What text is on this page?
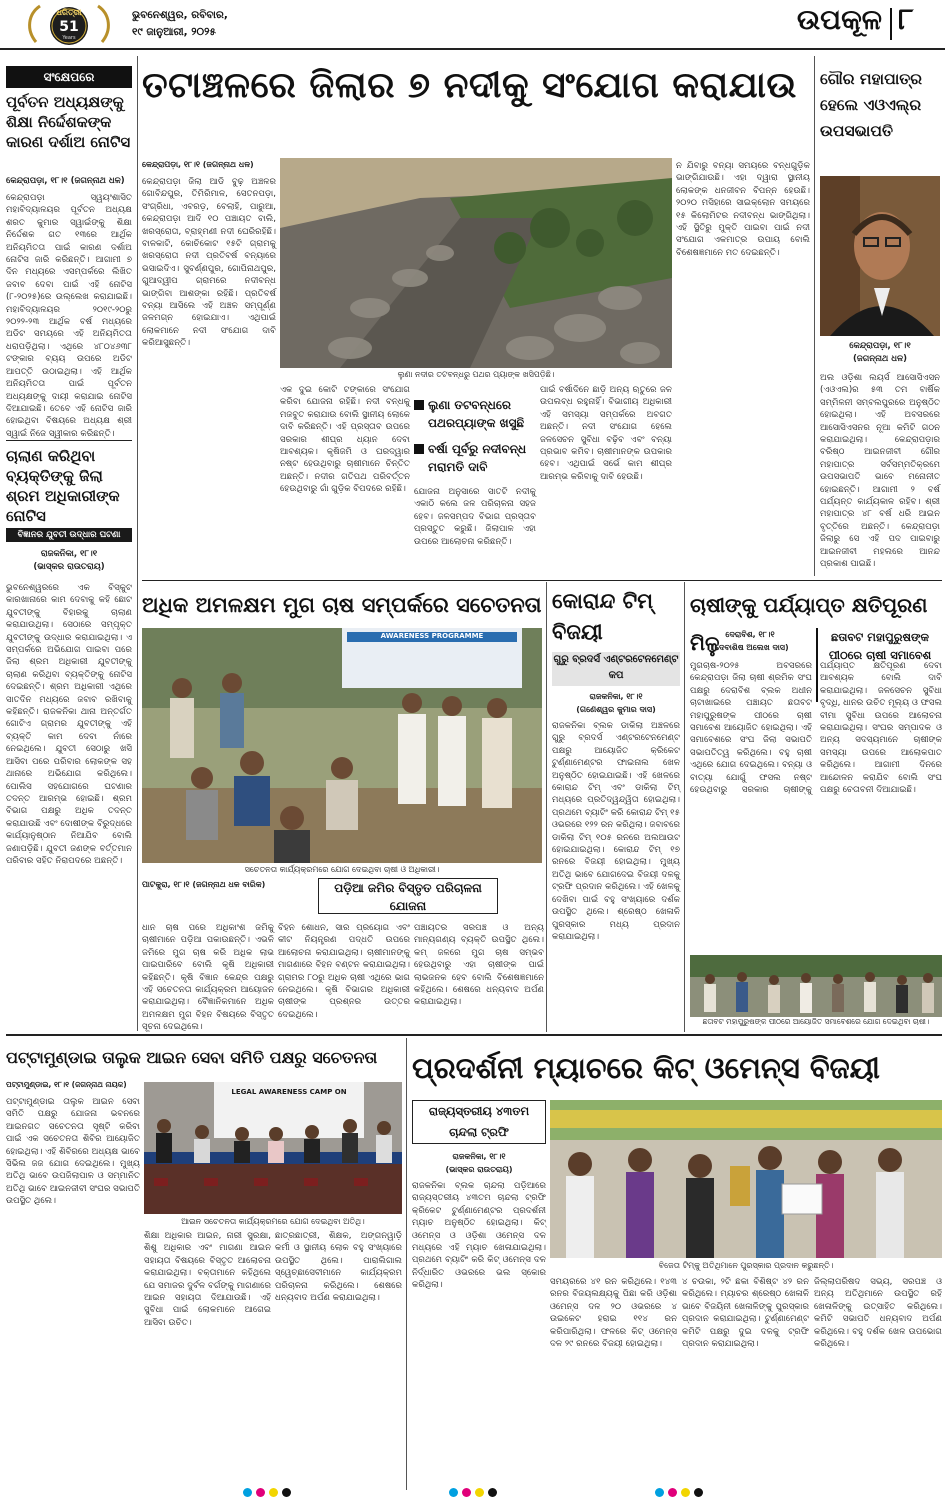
ଧରିତ୍ରୀ
51
Years
ଭୁବନେଶ୍ୱର, ରବିବାର,
୧୯ ଜାନୁଆରୀ, ୨୦୨୫	ଉପକୂଳ ୮
ସଂକ୍ଷେପରେ
ପୂର୍ବତନ ଅଧ୍ୟକ୍ଷଙ୍କୁ ଶିକ୍ଷା ନିର୍ଦ୍ଦେଶକଙ୍କ କାରଣ ଦର୍ଶାଅ ନୋଟିସ
କେନ୍ଦ୍ରାପଡ଼ା, ୧୮।୧ (ଜଗନ୍ନାଥ ଧଳ)
କେନ୍ଦ୍ରାପଡ଼ା ସ୍ୱୟଂଶାସିତ ମହାବିଦ୍ୟାଳୟର ପୂର୍ବତନ ଅଧ୍ୟକ୍ଷ ଶରତ କୁମାର ସ୍ୱାଇଁଙ୍କୁ ଶିକ୍ଷା ନିର୍ଦ୍ଦେଶକ ଗତ ୧୩ରେ ଆର୍ଥିକ ଅନିୟମିତତା ପାଇଁ କାରଣ ଦର୍ଶାଅ ନୋଟିସ ଜାରି କରିଛନ୍ତି। ଆଗାମୀ ୭ ଦିନ ମଧ୍ୟରେ ଏସମ୍ପର୍କରେ ଲିଖିତ ଜବାବ ଦେବା ପାଇଁ ଏହି ନୋଟିସ (୮-୨୦୨୫)ରେ ଉଲ୍ଲେଖ କରାଯାଇଛି। ମହାବିଦ୍ୟାଳୟର ୨୦୧୯-୨୦ରୁ ୨୦୨୨-୨୩ ଆର୍ଥିକ ବର୍ଷ ମଧ୍ୟରେ ଅଡିଟ ସମୟରେ ଏହି ଅନିୟମିତତା ଧରାପଡ଼ିଥିଲା। ଏଥିରେ ୪୮୦୪୬୩୮ ଟଙ୍କାର ବ୍ୟୟ ଉପରେ ଅଡିଟ ଆପତ୍ତି ଉଠାଇଥିଲା। ଏହି ଆର୍ଥିକ ଅନିୟମିତତା ପାଇଁ ପୂର୍ବତନ ଅଧ୍ୟକ୍ଷଙ୍କୁ ଦାୟୀ କରାଯାଇ ନୋଟିସ ଦିଆଯାଇଛି। ତେବେ ଏହି ନୋଟିସ ଜାରି ହୋଇଥିବା ବିଷୟରେ ଅଧ୍ୟକ୍ଷ ଶ୍ରୀ ସ୍ୱାଇଁ ନିଜେ ସ୍ୱୀକାର କରିଛନ୍ତି।
ଚାଲାଣ କରିଥିବା ବ୍ୟକ୍ତିଙ୍କୁ ଜିଲା ଶ୍ରମ ଅଧିକାରୀଙ୍କ ନୋଟିସ
ବିଜ୍ଞାନର ଯୁବତୀ ଉଦ୍ଧାର ଘଟଣା
ରାଜକନିକା, ୧୮।୧
(ଭାସ୍କର ରାଉତରାୟ)
ଭୁବନେଶ୍ୱରରେ ଏକ ବିସ୍କୁଟ କାରଖାନାରେ କାମ ଦେବାକୁ କହି ଛୋଟ ଯୁବତୀଙ୍କୁ ବିହାରକୁ ଚାଲାଣ କରାଯାଉଥିଲା। ସେଠାରେ ସମ୍ପୃକ୍ତ ଯୁବତୀଙ୍କୁ ଉଦ୍ଧାର କରାଯାଇଥିଲା। ଏ ସମ୍ପର୍କରେ ଅଭିଯୋଗ ପାଇବା ପରେ ଜିଲା ଶ୍ରମ ଅଧିକାରୀ ଯୁବତୀଙ୍କୁ ଚାଲାଣ କରିଥିବା ବ୍ୟକ୍ତିଙ୍କୁ ନୋଟିସ ଦେଇଛନ୍ତି। ଶ୍ରମ ଅଧିକାରୀ ଏଥିରେ ସାତଦିନ ମଧ୍ୟରେ ଜବାବ ରଖିବାକୁ କହିଛନ୍ତି। ରାଜକନିକା ଥାନା ଅନ୍ତର୍ଗତ ଗୋଟିଏ ଗ୍ରାମର ଯୁବତୀଙ୍କୁ ଏହି ବ୍ୟକ୍ତି କାମ ଦେବା ନାଁରେ ନେଇଥିଲେ। ଯୁବତୀ ସେଠାରୁ ଖସି ଆସିବା ପରେ ପରିବାର ଲୋକଙ୍କ ସହ ଥାନାରେ ଅଭିଯୋଗ କରିଥିଲେ। ପୋଲିସ ସହଯୋଗରେ ଘଟଣାର ତଦନ୍ତ ଆରମ୍ଭ ହୋଇଛି। ଶ୍ରମ ବିଭାଗ ପକ୍ଷରୁ ଅଧିକ ତଦନ୍ତ କରାଯାଉଛି ଏବଂ ଦୋଷୀଙ୍କ ବିରୁଦ୍ଧରେ କାର୍ଯ୍ୟାନୁଷ୍ଠାନ ନିଆଯିବ ବୋଲି ଜଣାପଡ଼ିଛି। ଯୁବତୀ ଜଣଙ୍କ ବର୍ତ୍ତମାନ ପରିବାର ସହିତ ନିରାପଦରେ ଅଛନ୍ତି।
ତଟାଞ୍ଚଳରେ ଜିଲାର ୭ ନଦୀକୁ ସଂଯୋଗ କରାଯାଉ
କେନ୍ଦ୍ରାପଡ଼ା, ୧୮।୧ (ଜଗନ୍ନାଥ ଧଳ)
କେନ୍ଦ୍ରାପଡ଼ା ଜିଲା ଆଡି ବୁଢ଼ ଅଞ୍ଚଳର ଗୋବିନ୍ଦପୁର, ତିମିରିମାଳ, ସେତନପଡ଼ା, ସଂଗ୍ରିଧା, ଏବରଡ଼, ବେଲାହି, ପାରୁଆ, କେନ୍ଦ୍ରାପଡ଼ା ଆଦି ୧୦ ପଞ୍ଚାୟତ ବାଲି, ଖରସ୍ରୋତା, ବ୍ରାହ୍ମଣୀ ନଦୀ ଘେରିରହିଛି। ବାଳକାଟି, କୋଚିକୋଟ ୧୫ଟି ଗ୍ରାମକୁ ଖରସ୍ରୋତା ନଦୀ ପ୍ରତିବର୍ଷ ବନ୍ୟାରେ ଭସାଇଦିଏ। ସୁବର୍ଣ୍ଣପୁର, ଗୋପିନାଥପୁର, ଗୁଆଦ୍ୱୀପ ଗ୍ରାମରେ ନଦୀବନ୍ଧ ଭାଙ୍ଗିବା ଆଶଙ୍କା ରହିଛି। ପ୍ରତିବର୍ଷ ବନ୍ୟା ଆସିଲେ ଏହି ଅଞ୍ଚଳ ସମ୍ପୂର୍ଣ୍ଣ ଜଳମଗ୍ନ ହୋଇଯାଏ। ଏଥିପାଇଁ ଲୋକମାନେ ନଦୀ ସଂଯୋଗ ଦାବି କରିଆସୁଛନ୍ତି।
ଲୁଣା ନଦୀର ତଟବନ୍ଧରୁ ପଥର ପ୍ୟାଙ୍କ ଖସିପଡ଼ିଛି।
ଏକ ଦୁଇ କୋଟି ଟଙ୍କାରେ ସଂଯୋଗ କରିବା ଯୋଜନା ରହିଛି। ନଦୀ ବନ୍ଧକୁ ମଜବୁତ କରାଯାଉ ବୋଲି ସ୍ଥାନୀୟ ଲୋକେ ଦାବି କରିଛନ୍ତି। ଏହି ପ୍ରସ୍ତାବ ଉପରେ ସରକାର ଶୀଘ୍ର ଧ୍ୟାନ ଦେବା ଆବଶ୍ୟକ। କୃଷିଜମି ଓ ଘରଦ୍ୱାର ନଷ୍ଟ ହେଉଥିବାରୁ ଚାଷୀମାନେ ଚିନ୍ତିତ ଅଛନ୍ତି। ନଦୀର ଗତିପଥ ପରିବର୍ତ୍ତନ ହେଉଥିବାରୁ ଗାଁ ଗୁଡ଼ିକ ବିପଦରେ ରହିଛି।
ଲୁଣା ତଟବନ୍ଧରେ ପଥରପ୍ୟାଙ୍କ ଖସୁଛି
ବର୍ଷା ପୂର୍ବରୁ ନଦୀବନ୍ଧ ମରାମତି ଦାବି
ଯୋଜନା ଅନୁସାରେ ସାତଟି ନଦୀକୁ ଏକାଠି କଲେ ଜଳ ପରିଚାଳନା ସହଜ ହେବ। ଜଳସମ୍ପଦ ବିଭାଗ ପ୍ରସ୍ତାବ ପ୍ରସ୍ତୁତ କରୁଛି। ଜିଲାପାଳ ଏହା ଉପରେ ଆଲୋଚନା କରିଛନ୍ତି।
ପାଇଁ ବର୍ଷାଦିନେ ଛାଡ଼ି ଅନ୍ୟ ଋତୁରେ ଜଳ ଉପଲବ୍ଧ ରହୁନାହିଁ। ବିଭାଗୀୟ ଅଧିକାରୀ ଏହି ସମସ୍ୟା ସମ୍ପର୍କରେ ଅବଗତ ଅଛନ୍ତି। ନଦୀ ସଂଯୋଗ ହେଲେ ଜଳସେଚନ ସୁବିଧା ବଢ଼ିବ ଏବଂ ବନ୍ୟା ପ୍ରଭାବ କମିବ। ଚାଷୀମାନଙ୍କ ଉପକାର ହେବ। ଏଥିପାଇଁ ସର୍ଭେ କାମ ଶୀଘ୍ର ଆରମ୍ଭ କରିବାକୁ ଦାବି ହେଉଛି।
ନ ଯିବାରୁ ବନ୍ୟା ସମୟରେ ବନ୍ଧଗୁଡ଼ିକ ଭାଙ୍ଗିଯାଉଛି। ଏହା ଦ୍ୱାରା ସ୍ଥାନୀୟ ଲୋକଙ୍କ ଧନଜୀବନ ବିପନ୍ନ ହେଉଛି। ୨୦୨୦ ମସିହାରେ ସାଇକ୍ଲୋନ ସମୟରେ ୧୫ କିଲୋମିଟର ନଦୀବନ୍ଧ ଭାଙ୍ଗିଥିଲା। ଏହି ସ୍ଥିତିରୁ ମୁକ୍ତି ପାଇବା ପାଇଁ ନଦୀ ସଂଯୋଗ ଏକମାତ୍ର ଉପାୟ ବୋଲି ବିଶେଷଜ୍ଞମାନେ ମତ ଦେଇଛନ୍ତି।
ଗୌର ମହାପାତ୍ର ହେଲେ ଏଓଏଲ୍‌ର ଉପସଭାପତି
କେନ୍ଦ୍ରାପଡ଼ା, ୧୮।୧
(ଜଗନ୍ନାଥ ଧଳ)
ଅଲ ଓଡ଼ିଶା ଲୟର୍ସ ଆସୋସିଏସନ (ଏଓଏଲ)ର ୫୩ ତମ ବାର୍ଷିକ ସମ୍ମିଳନୀ ସମ୍ବଲପୁରରେ ଅନୁଷ୍ଠିତ ହୋଇଥିଲା। ଏହି ଅବସରରେ ଆସୋସିଏସନର ନୂଆ କମିଟି ଗଠନ କରାଯାଇଥିଲା। କେନ୍ଦ୍ରାପଡ଼ାର ବରିଷ୍ଠ ଆଇନଜୀବୀ ଗୌର ମହାପାତ୍ର ସର୍ବସମ୍ମତିକ୍ରମେ ଉପସଭାପତି ଭାବେ ମନୋନୀତ ହୋଇଛନ୍ତି। ଆଗାମୀ ୨ ବର୍ଷ ପର୍ଯ୍ୟନ୍ତ କାର୍ଯ୍ୟକାଳ ରହିବ। ଶ୍ରୀ ମହାପାତ୍ର ୪୮ ବର୍ଷ ଧରି ଆଇନ ବୃତ୍ତିରେ ଅଛନ୍ତି। କେନ୍ଦ୍ରାପଡ଼ା ଜିଲାରୁ ସେ ଏହି ପଦ ପାଇବାରୁ ଆଇନଜୀବୀ ମହଲରେ ଆନନ୍ଦ ପ୍ରକାଶ ପାଇଛି।
ଅଧିକ ଅମଳକ୍ଷମ ମୁଗ ଚାଷ ସମ୍ପର୍କରେ ସଚେତନତା
AWARENESS PROGRAMME
ସଚେତନତା କାର୍ଯ୍ୟକ୍ରମରେ ଯୋଗ ଦେଇଥିବା ଚାଷୀ ଓ ଅଧିକାରୀ।
ପାଟକୁରା, ୧୮।୧ (ଜଗନ୍ନାଥ ଧଳ ବାରିକ)	ପଡ଼ିଆ ଜମିର ବିସ୍ତୃତ ପରିଚାଳନା ଯୋଜନା
ଧାନ ଚାଷ ପରେ ଅଧିକାଂଶ ଜମିକୁ ଚାଷୀମାନେ ପଡ଼ିଆ ପକାଉଛନ୍ତି। ଏଭଳି ଜମିରେ ମୁଗ ଚାଷ କରି ଅଧିକ ଲାଭ ପାଇପାରିବେ ବୋଲି କୃଷି ଅଧିକାରୀ କହିଛନ୍ତି। କୃଷି ବିଜ୍ଞାନ କେନ୍ଦ୍ର ପକ୍ଷରୁ ଏହି ସଚେତନତା କାର୍ଯ୍ୟକ୍ରମ ଆୟୋଜନ କରାଯାଇଥିଲା। ବୈଜ୍ଞାନିକମାନେ ଅଧିକ ଅମଳକ୍ଷମ ମୁଗ ବିହନ ବିଷୟରେ ବିସ୍ତୃତ ସୂଚନା ଦେଇଥିଲେ।
ବିହନ ଶୋଧନ, ସାର ପ୍ରୟୋଗ ଏବଂ କୀଟ ନିୟନ୍ତ୍ରଣ ପଦ୍ଧତି ଉପରେ ଆଲୋଚନା କରାଯାଇଥିଲା। ଚାଷୀମାନଙ୍କୁ ମାଗଣାରେ ବିହନ ବଣ୍ଟନ କରାଯାଇଥିଲା। ଗ୍ରାମର ୮୦ରୁ ଅଧିକ ଚାଷୀ ଏଥିରେ ଭାଗ ନେଇଥିଲେ। କୃଷି ବିଭାଗର ଅଧିକାରୀ ଚାଷୀଙ୍କ ପ୍ରଶ୍ନର ଉତ୍ତର ଦେଇଥିଲେ।
ପଞ୍ଚାୟତର ସରପଞ୍ଚ ଓ ଅନ୍ୟ ମାନ୍ୟଗଣ୍ୟ ବ୍ୟକ୍ତି ଉପସ୍ଥିତ ଥିଲେ। କମ୍ ଜଳରେ ମୁଗ ଚାଷ ସମ୍ଭବ ହେଉଥିବାରୁ ଏହା ଚାଷୀଙ୍କ ପାଇଁ ଲାଭଜନକ ହେବ ବୋଲି ବିଶେଷଜ୍ଞମାନେ କହିଥିଲେ। ଶେଷରେ ଧନ୍ୟବାଦ ଅର୍ପଣ କରାଯାଇଥିଲା।
କୋରାନ୍ଦ ଟିମ୍ ବିଜୟୀ
ଗୁରୁ ବ୍ରଦର୍ସ ଏଣ୍ଟରଟେନମେଣ୍ଟ କପ
ରାଜକନିକା, ୧୮।୧
(ଗଣେଶ୍ୱର କୁମାର ଦାସ)
ରାଜକନିକା ବ୍ଲକ ଡାକିଲା ଅଞ୍ଚଳରେ ଗୁରୁ ବ୍ରଦର୍ସ ଏଣ୍ଟରଟେନମେଣ୍ଟ ପକ୍ଷରୁ ଆୟୋଜିତ କ୍ରିକେଟ ଟୁର୍ଣ୍ଣାମେଣ୍ଟର ଫାଇନାଲ ଖେଳ ଅନୁଷ୍ଠିତ ହୋଇଯାଇଛି। ଏହି ଖେଳରେ କୋରାନ୍ଦ ଟିମ୍ ଏବଂ ଡାକିଲା ଟିମ୍ ମଧ୍ୟରେ ପ୍ରତିଦ୍ୱନ୍ଦ୍ୱିତା ହୋଇଥିଲା। ପ୍ରଥମେ ବ୍ୟାଟିଂ କରି କୋରାନ୍ଦ ଟିମ୍ ୧୫ ଓଭରରେ ୧୨୨ ରନ କରିଥିଲା। ଜବାବରେ ଡାକିଲା ଟିମ୍ ୧୦୫ ରନରେ ଅଲଆଉଟ ହୋଇଯାଇଥିଲା। କୋରାନ୍ଦ ଟିମ୍ ୧୭ ରନରେ ବିଜୟୀ ହୋଇଥିଲା। ମୁଖ୍ୟ ଅତିଥି ଭାବେ ଯୋଗଦେଇ ବିଜୟୀ ଦଳକୁ ଟ୍ରଫି ପ୍ରଦାନ କରିଥିଲେ। ଏହି ଖେଳକୁ ଦେଖିବା ପାଇଁ ବହୁ ସଂଖ୍ୟାରେ ଦର୍ଶକ ଉପସ୍ଥିତ ଥିଲେ। ଶ୍ରେଷ୍ଠ ଖେଳାଳି ପୁରସ୍କାର ମଧ୍ୟ ପ୍ରଦାନ କରାଯାଇଥିଲା।
ଚାଷୀଙ୍କୁ ପର୍ଯ୍ୟାପ୍ତ କ୍ଷତିପୂରଣ ମିଳୁ ଦେରାବିଶ, ୧୮।୧
(ଦେବାଶିଷ ଅଲେଖ ଦାସ)
ଛତାବଟ ମହାପୁରୁଷଙ୍କ ପୀଠରେ ଚାଷୀ ସମାବେଶ
ମୁଗଚାଷ-୨୦୨୫ ଅବସରରେ କେନ୍ଦ୍ରାପଡ଼ା ଜିଲା ଚାଷୀ ଶ୍ରମିକ ସଂଘ ପକ୍ଷରୁ ଦେରାବିଶ ବ୍ଲକ ଅଧୀନ ଚାଟାଖାଇରେ ପଞ୍ଚାୟତ ଛତାବଟ ମହାପୁରୁଷଙ୍କ ପୀଠରେ ଚାଷୀ ସମାବେଶ ଆୟୋଜିତ ହୋଇଥିଲା। ଏହି ସମାବେଶରେ ସଂଘ ଜିଲା ସଭାପତି ସଭାପତିତ୍ୱ କରିଥିଲେ। ବହୁ ଚାଷୀ ଏଥିରେ ଯୋଗ ଦେଇଥିଲେ। ବନ୍ୟା ଓ ବାତ୍ୟା ଯୋଗୁଁ ଫସଲ ନଷ୍ଟ ହେଉଥିବାରୁ ସରକାର ଚାଷୀଙ୍କୁ ପର୍ଯ୍ୟାପ୍ତ କ୍ଷତିପୂରଣ ଦେବା ଆବଶ୍ୟକ ବୋଲି ଦାବି କରାଯାଇଥିଲା। ଜଳସେଚନ ସୁବିଧା ବୃଦ୍ଧି, ଧାନର ଉଚିତ ମୂଲ୍ୟ ଓ ଫସଲ ବୀମା ସୁବିଧା ଉପରେ ଆଲୋଚନା କରାଯାଇଥିଲା। ସଂଘର ସମ୍ପାଦକ ଓ ଅନ୍ୟ ସଦସ୍ୟମାନେ ଚାଷୀଙ୍କ ସମସ୍ୟା ଉପରେ ଆଲୋକପାତ କରିଥିଲେ। ଆଗାମୀ ଦିନରେ ଆନ୍ଦୋଳନ କରାଯିବ ବୋଲି ସଂଘ ପକ୍ଷରୁ ଚେତାବନୀ ଦିଆଯାଇଛି।
ଛତାବଟ ମହାପୁରୁଷଙ୍କ ପୀଠରେ ଆୟୋଜିତ ସମାବେଶରେ ଯୋଗ ଦେଇଥିବା ଚାଷୀ।
ପଟ୍ଟାମୁଣ୍ଡାଇ ତାଲୁକ ଆଇନ ସେବା ସମିତି ପକ୍ଷରୁ ସଚେତନତା
ପଟ୍ଟାମୁଣ୍ଡାଇ, ୧୮।୧ (ଜଗନ୍ନାଥ ନାୟକ)
ପଟ୍ଟାମୁଣ୍ଡାଇ ତାଲୁକ ଆଇନ ସେବା ସମିତି ପକ୍ଷରୁ ଯୋଜନା ଭବନରେ ଆଇନଗତ ସଚେତନତା ସୃଷ୍ଟି କରିବା ପାଇଁ ଏକ ସଚେତନତା ଶିବିର ଆୟୋଜିତ ହୋଇଥିଲା। ଏହି ଶିବିରରେ ଅଧ୍ୟକ୍ଷ ଭାବେ ସିଭିଲ ଜଜ ଯୋଗ ଦେଇଥିଲେ। ମୁଖ୍ୟ ଅତିଥି ଭାବେ ଉପଜିଲାପାଳ ଓ ସମ୍ମାନିତ ଅତିଥି ଭାବେ ଆଇନଜୀବୀ ସଂଘର ସଭାପତି ଉପସ୍ଥିତ ଥିଲେ।
LEGAL AWARENESS CAMP ON
ଆଇନ ସଚେତନତା କାର୍ଯ୍ୟକ୍ରମରେ ଯୋଗ ଦେଇଥିବା ଅତିଥି।
ଶିକ୍ଷା ଅଧିକାର ଆଇନ, ନାରୀ ସୁରକ୍ଷା, ଶିଶୁ ଅଧିକାର ଏବଂ ମାଗଣା ଆଇନ ସହାୟତା ବିଷୟରେ ବିସ୍ତୃତ ଆଲୋଚନା କରାଯାଇଥିଲା। ବକ୍ତାମାନେ କହିଥିଲେ ଯେ ସମାଜର ଦୁର୍ବଳ ବର୍ଗଙ୍କୁ ମାଗଣାରେ ଆଇନ ସହାୟତା ଦିଆଯାଉଛି। ଏହି ସୁବିଧା ପାଇଁ ଲୋକମାନେ ଆଗେଇ ଆସିବା ଉଚିତ।
ଛାତ୍ରଛାତ୍ରୀ, ଶିକ୍ଷକ, ଅଙ୍ଗନୱାଡ଼ି କର୍ମୀ ଓ ସ୍ଥାନୀୟ ଲୋକ ବହୁ ସଂଖ୍ୟାରେ ଉପସ୍ଥିତ ଥିଲେ। ପାରାଲିଗାଲ ସ୍ୱେଚ୍ଛାସେବୀମାନେ କାର୍ଯ୍ୟକ୍ରମ ପରିଚାଳନା କରିଥିଲେ। ଶେଷରେ ଧନ୍ୟବାଦ ଅର୍ପଣ କରାଯାଇଥିଲା।
ପ୍ରଦର୍ଶନୀ ମ୍ୟାଚରେ କିଟ୍ ଓମେନ୍ସ ବିଜୟୀ
ରାଜ୍ୟସ୍ତରୀୟ ୪୩ତମ ଚାନ୍ଦଲା ଟ୍ରଫି
ରାଜକନିକା, ୧୮।୧
(ଭାସ୍କର ରାଉତରାୟ)
ରାଜକନିକା ବ୍ଲକ ଚାନ୍ଦଲା ପଡ଼ିଆରେ ରାଜ୍ୟସ୍ତରୀୟ ୪୩ତମ ଚାନ୍ଦଲା ଟ୍ରଫି କ୍ରିକେଟ ଟୁର୍ଣ୍ଣାମେଣ୍ଟର ପ୍ରଦର୍ଶନୀ ମ୍ୟାଚ ଅନୁଷ୍ଠିତ ହୋଇଥିଲା। କିଟ୍ ଓମେନ୍ସ ଓ ଓଡ଼ିଶା ଓମେନ୍ସ ଦଳ ମଧ୍ୟରେ ଏହି ମ୍ୟାଚ ଖେଳାଯାଇଥିଲା। ପ୍ରଥମେ ବ୍ୟାଟିଂ କରି କିଟ୍ ଓମେନ୍ସ ଦଳ ନିର୍ଦ୍ଧାରିତ ଓଭରରେ ଭଲ ସ୍କୋର କରିଥିଲା।
ବିଜେତା ଟିମ୍‌କୁ ଅତିଥିମାନେ ପୁରସ୍କାର ପ୍ରଦାନ କରୁଛନ୍ତି।
ସମୟରରେ ୪୧ ରନ କରିଥିଲେ। ୧୪୩ ରନର ବିଜୟଲକ୍ଷ୍ୟକୁ ପିଛା କରି ଓଡ଼ିଶା ଓମେନ୍ସ ଦଳ ୨୦ ଓଭରରେ ୪ ଉଇକେଟ ହରାଇ ୧୧୪ ରନ କରିପାରିଥିଲା। ଫଳରେ କିଟ୍ ଓମେନ୍ସ ଦଳ ୨୯ ରନରେ ବିଜୟୀ ହୋଇଥିଲା।
୪ ଚଉକା, ୨ଟି ଛକା ବିଶିଷ୍ଟ ୪୨ ରନ କରିଥିଲେ। ମ୍ୟାଚର ଶ୍ରେଷ୍ଠ ଖେଳାଳି ଭାବେ ବିଜୟିନୀ ଖେଳାଳିଙ୍କୁ ପୁରସ୍କାର ପ୍ରଦାନ କରାଯାଇଥିଲା। ଟୁର୍ଣ୍ଣାମେଣ୍ଟ କମିଟି ପକ୍ଷରୁ ଦୁଇ ଦଳକୁ ଟ୍ରଫି ପ୍ରଦାନ କରାଯାଇଥିଲା।
ଜିଲ୍ଲାପରିଷଦ ସଭ୍ୟ, ସରପଞ୍ଚ ଓ ଅନ୍ୟ ଅତିଥିମାନେ ଉପସ୍ଥିତ ରହି ଖେଳାଳିଙ୍କୁ ଉତ୍ସାହିତ କରିଥିଲେ। କମିଟି ସଭାପତି ଧନ୍ୟବାଦ ଅର୍ପଣ କରିଥିଲେ। ବହୁ ଦର୍ଶକ ଖେଳ ଉପଭୋଗ କରିଥିଲେ।
